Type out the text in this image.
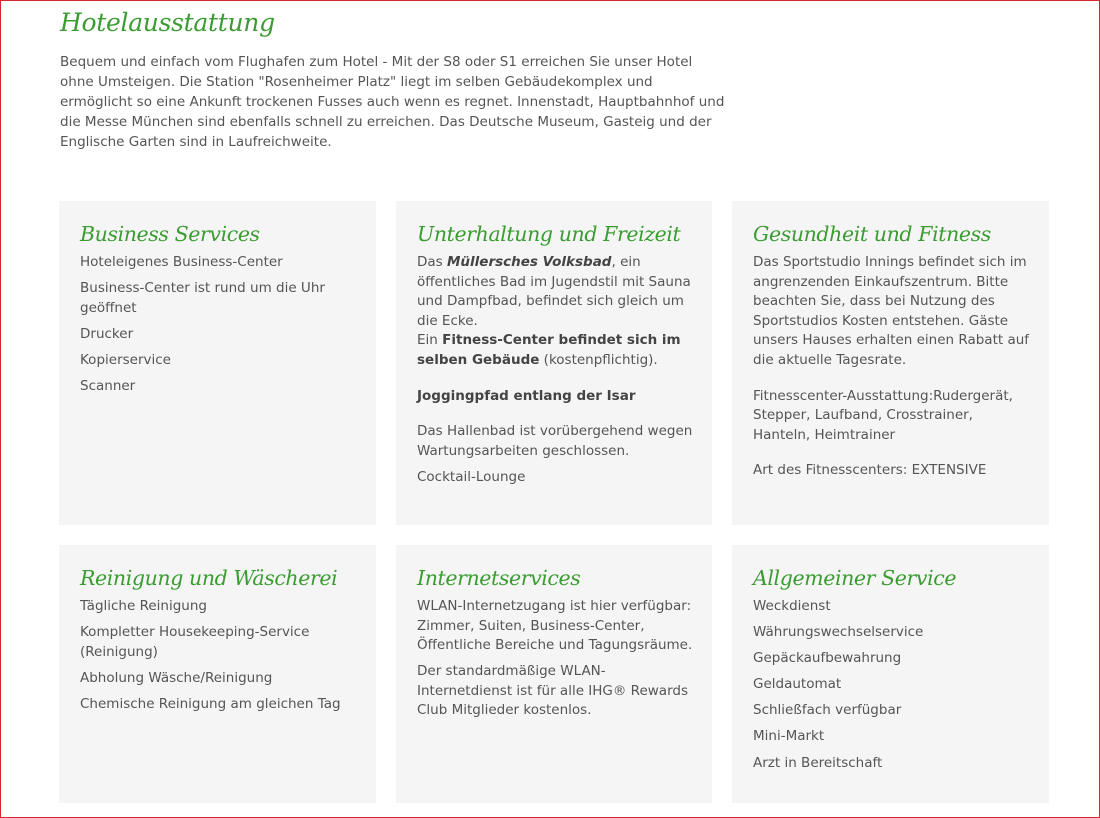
Hotelausstattung

Bequem und einfach vom Flughafen zum Hotel - Mit der S8 oder S1 erreichen Sie unser Hotel ohne Umsteigen. Die Station "Rosenheimer Platz" liegt im selben Gebäudekomplex und ermöglicht so eine Ankunft trockenen Fusses auch wenn es regnet. Innenstadt, Hauptbahnhof und die Messe München sind ebenfalls schnell zu erreichen. Das Deutsche Museum, Gasteig und der Englische Garten sind in Laufreichweite.

Business Services

Hoteleigenes Business-Center

Business-Center ist rund um die Uhr geöffnet

Drucker

Kopierservice

Scanner

Unterhaltung und Freizeit

Das Müllersches Volksbad, ein öffentliches Bad im Jugendstil mit Sauna und Dampfbad, befindet sich gleich um die Ecke.

Ein Fitness-Center befindet sich im selben Gebäude (kostenpflichtig).

Joggingpfad entlang der Isar

Das Hallenbad ist vorübergehend wegen Wartungsarbeiten geschlossen.

Cocktail-Lounge

Gesundheit und Fitness

Das Sportstudio Innings befindet sich im angrenzenden Einkaufszentrum. Bitte beachten Sie, dass bei Nutzung des Sportstudios Kosten entstehen. Gäste unsers Hauses erhalten einen Rabatt auf die aktuelle Tagesrate.

Fitnesscenter-Ausstattung:Rudergerät, Stepper, Laufband, Crosstrainer, Hanteln, Heimtrainer

Art des Fitnesscenters: EXTENSIVE

Reinigung und Wäscherei

Tägliche Reinigung

Kompletter Housekeeping-Service (Reinigung)

Abholung Wäsche/Reinigung

Chemische Reinigung am gleichen Tag

Internetservices

WLAN-Internetzugang ist hier verfügbar: Zimmer, Suiten, Business-Center, Öffentliche Bereiche und Tagungsräume.

Der standardmäßige WLAN-Internetdienst ist für alle IHG® Rewards Club Mitglieder kostenlos.

Allgemeiner Service

Weckdienst

Währungswechselservice

Gepäckaufbewahrung

Geldautomat

Schließfach verfügbar

Mini-Markt

Arzt in Bereitschaft
